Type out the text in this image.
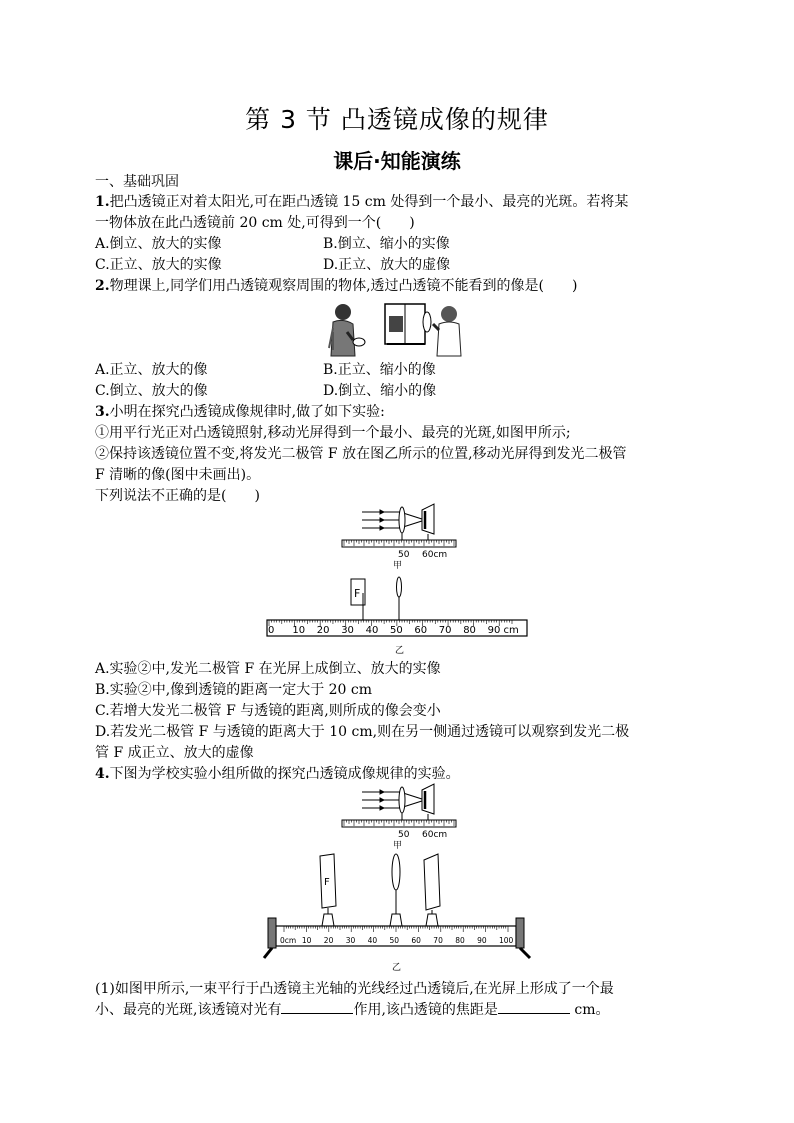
第 3 节 凸透镜成像的规律
课后·知能演练
一、基础巩固
1.把凸透镜正对着太阳光,可在距凸透镜 15 cm 处得到一个最小、最亮的光斑。若将某
一物体放在此凸透镜前 20 cm 处,可得到一个(　　)
A.倒立、放大的实像	B.倒立、缩小的实像
C.正立、放大的实像	D.正立、放大的虚像
2.物理课上,同学们用凸透镜观察周围的物体,透过凸透镜不能看到的像是(　　)
A.正立、放大的像	B.正立、缩小的像
C.倒立、放大的像	D.倒立、缩小的像
3.小明在探究凸透镜成像规律时,做了如下实验:
①用平行光正对凸透镜照射,移动光屏得到一个最小、最亮的光斑,如图甲所示;
②保持该透镜位置不变,将发光二极管 F 放在图乙所示的位置,移动光屏得到发光二极管
F 清晰的像(图中未画出)。
下列说法不正确的是(　　)
50 60cm
甲
F
0 10 20 30 40 50 60 70 80 90 cm
乙
A.实验②中,发光二极管 F 在光屏上成倒立、放大的实像
B.实验②中,像到透镜的距离一定大于 20 cm
C.若增大发光二极管 F 与透镜的距离,则所成的像会变小
D.若发光二极管 F 与透镜的距离大于 10 cm,则在另一侧通过透镜可以观察到发光二极
管 F 成正立、放大的虚像
4.下图为学校实验小组所做的探究凸透镜成像规律的实验。
50 60cm
甲
F
0cm 10 20 30 40 50 60 70 80 90 100
乙
(1)如图甲所示,一束平行于凸透镜主光轴的光线经过凸透镜后,在光屏上形成了一个最
小、最亮的光斑,该透镜对光有	作用,该凸透镜的焦距是	cm。
